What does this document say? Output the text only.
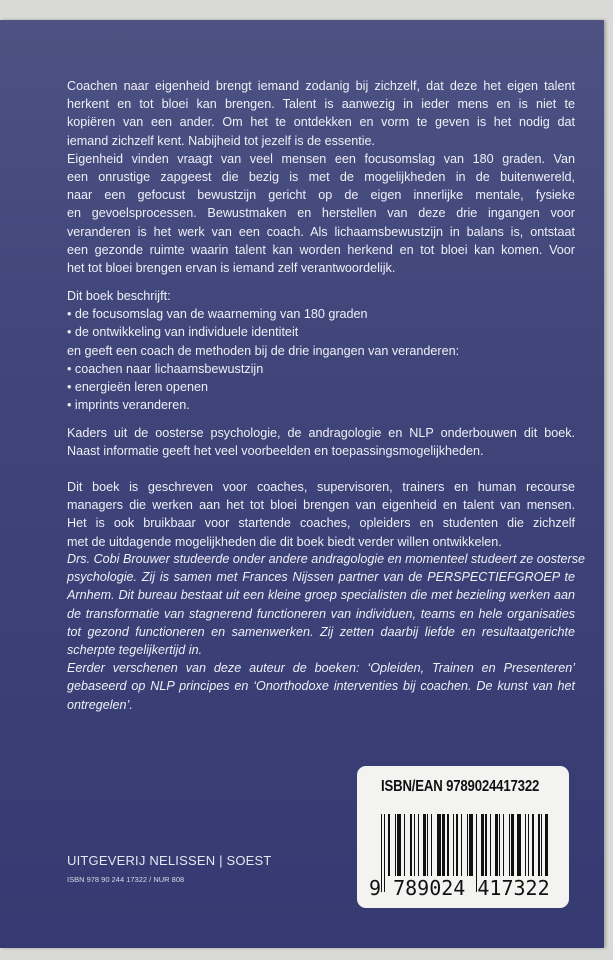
Coachen naar eigenheid brengt iemand zodanig bij zichzelf, dat deze het eigen talent
herkent en tot bloei kan brengen. Talent is aanwezig in ieder mens en is niet te
kopiëren van een ander. Om het te ontdekken en vorm te geven is het nodig dat
iemand zichzelf kent. Nabijheid tot jezelf is de essentie.
Eigenheid vinden vraagt van veel mensen een focusomslag van 180 graden. Van
een onrustige zapgeest die bezig is met de mogelijkheden in de buitenwereld,
naar een gefocust bewustzijn gericht op de eigen innerlijke mentale, fysieke
en gevoelsprocessen. Bewustmaken en herstellen van deze drie ingangen voor
veranderen is het werk van een coach. Als lichaamsbewustzijn in balans is, ontstaat
een gezonde ruimte waarin talent kan worden herkend en tot bloei kan komen. Voor
het tot bloei brengen ervan is iemand zelf verantwoordelijk.
Dit boek beschrijft:
• de focusomslag van de waarneming van 180 graden
• de ontwikkeling van individuele identiteit
en geeft een coach de methoden bij de drie ingangen van veranderen:
• coachen naar lichaamsbewustzijn
• energieën leren openen
• imprints veranderen.
Kaders uit de oosterse psychologie, de andragologie en NLP onderbouwen dit boek.
Naast informatie geeft het veel voorbeelden en toepassingsmogelijkheden.
Dit boek is geschreven voor coaches, supervisoren, trainers en human recourse
managers die werken aan het tot bloei brengen van eigenheid en talent van mensen.
Het is ook bruikbaar voor startende coaches, opleiders en studenten die zichzelf
met de uitdagende mogelijkheden die dit boek biedt verder willen ontwikkelen.
Drs. Cobi Brouwer studeerde onder andere andragologie en momenteel studeert ze oosterse
psychologie. Zij is samen met Frances Nijssen partner van de PERSPECTIEFGROEP te
Arnhem. Dit bureau bestaat uit een kleine groep specialisten die met bezieling werken aan
de transformatie van stagnerend functioneren van individuen, teams en hele organisaties
tot gezond functioneren en samenwerken. Zij zetten daarbij liefde en resultaatgerichte
scherpte tegelijkertijd in.
Eerder verschenen van deze auteur de boeken: ‘Opleiden, Trainen en Presenteren’
gebaseerd op NLP principes en ‘Onorthodoxe interventies bij coachen. De kunst van het
ontregelen’.
UITGEVERIJ NELISSEN | SOEST
ISBN 978 90 244 17322 / NUR 808
ISBN/EAN 9789024417322
9 789024 417322
